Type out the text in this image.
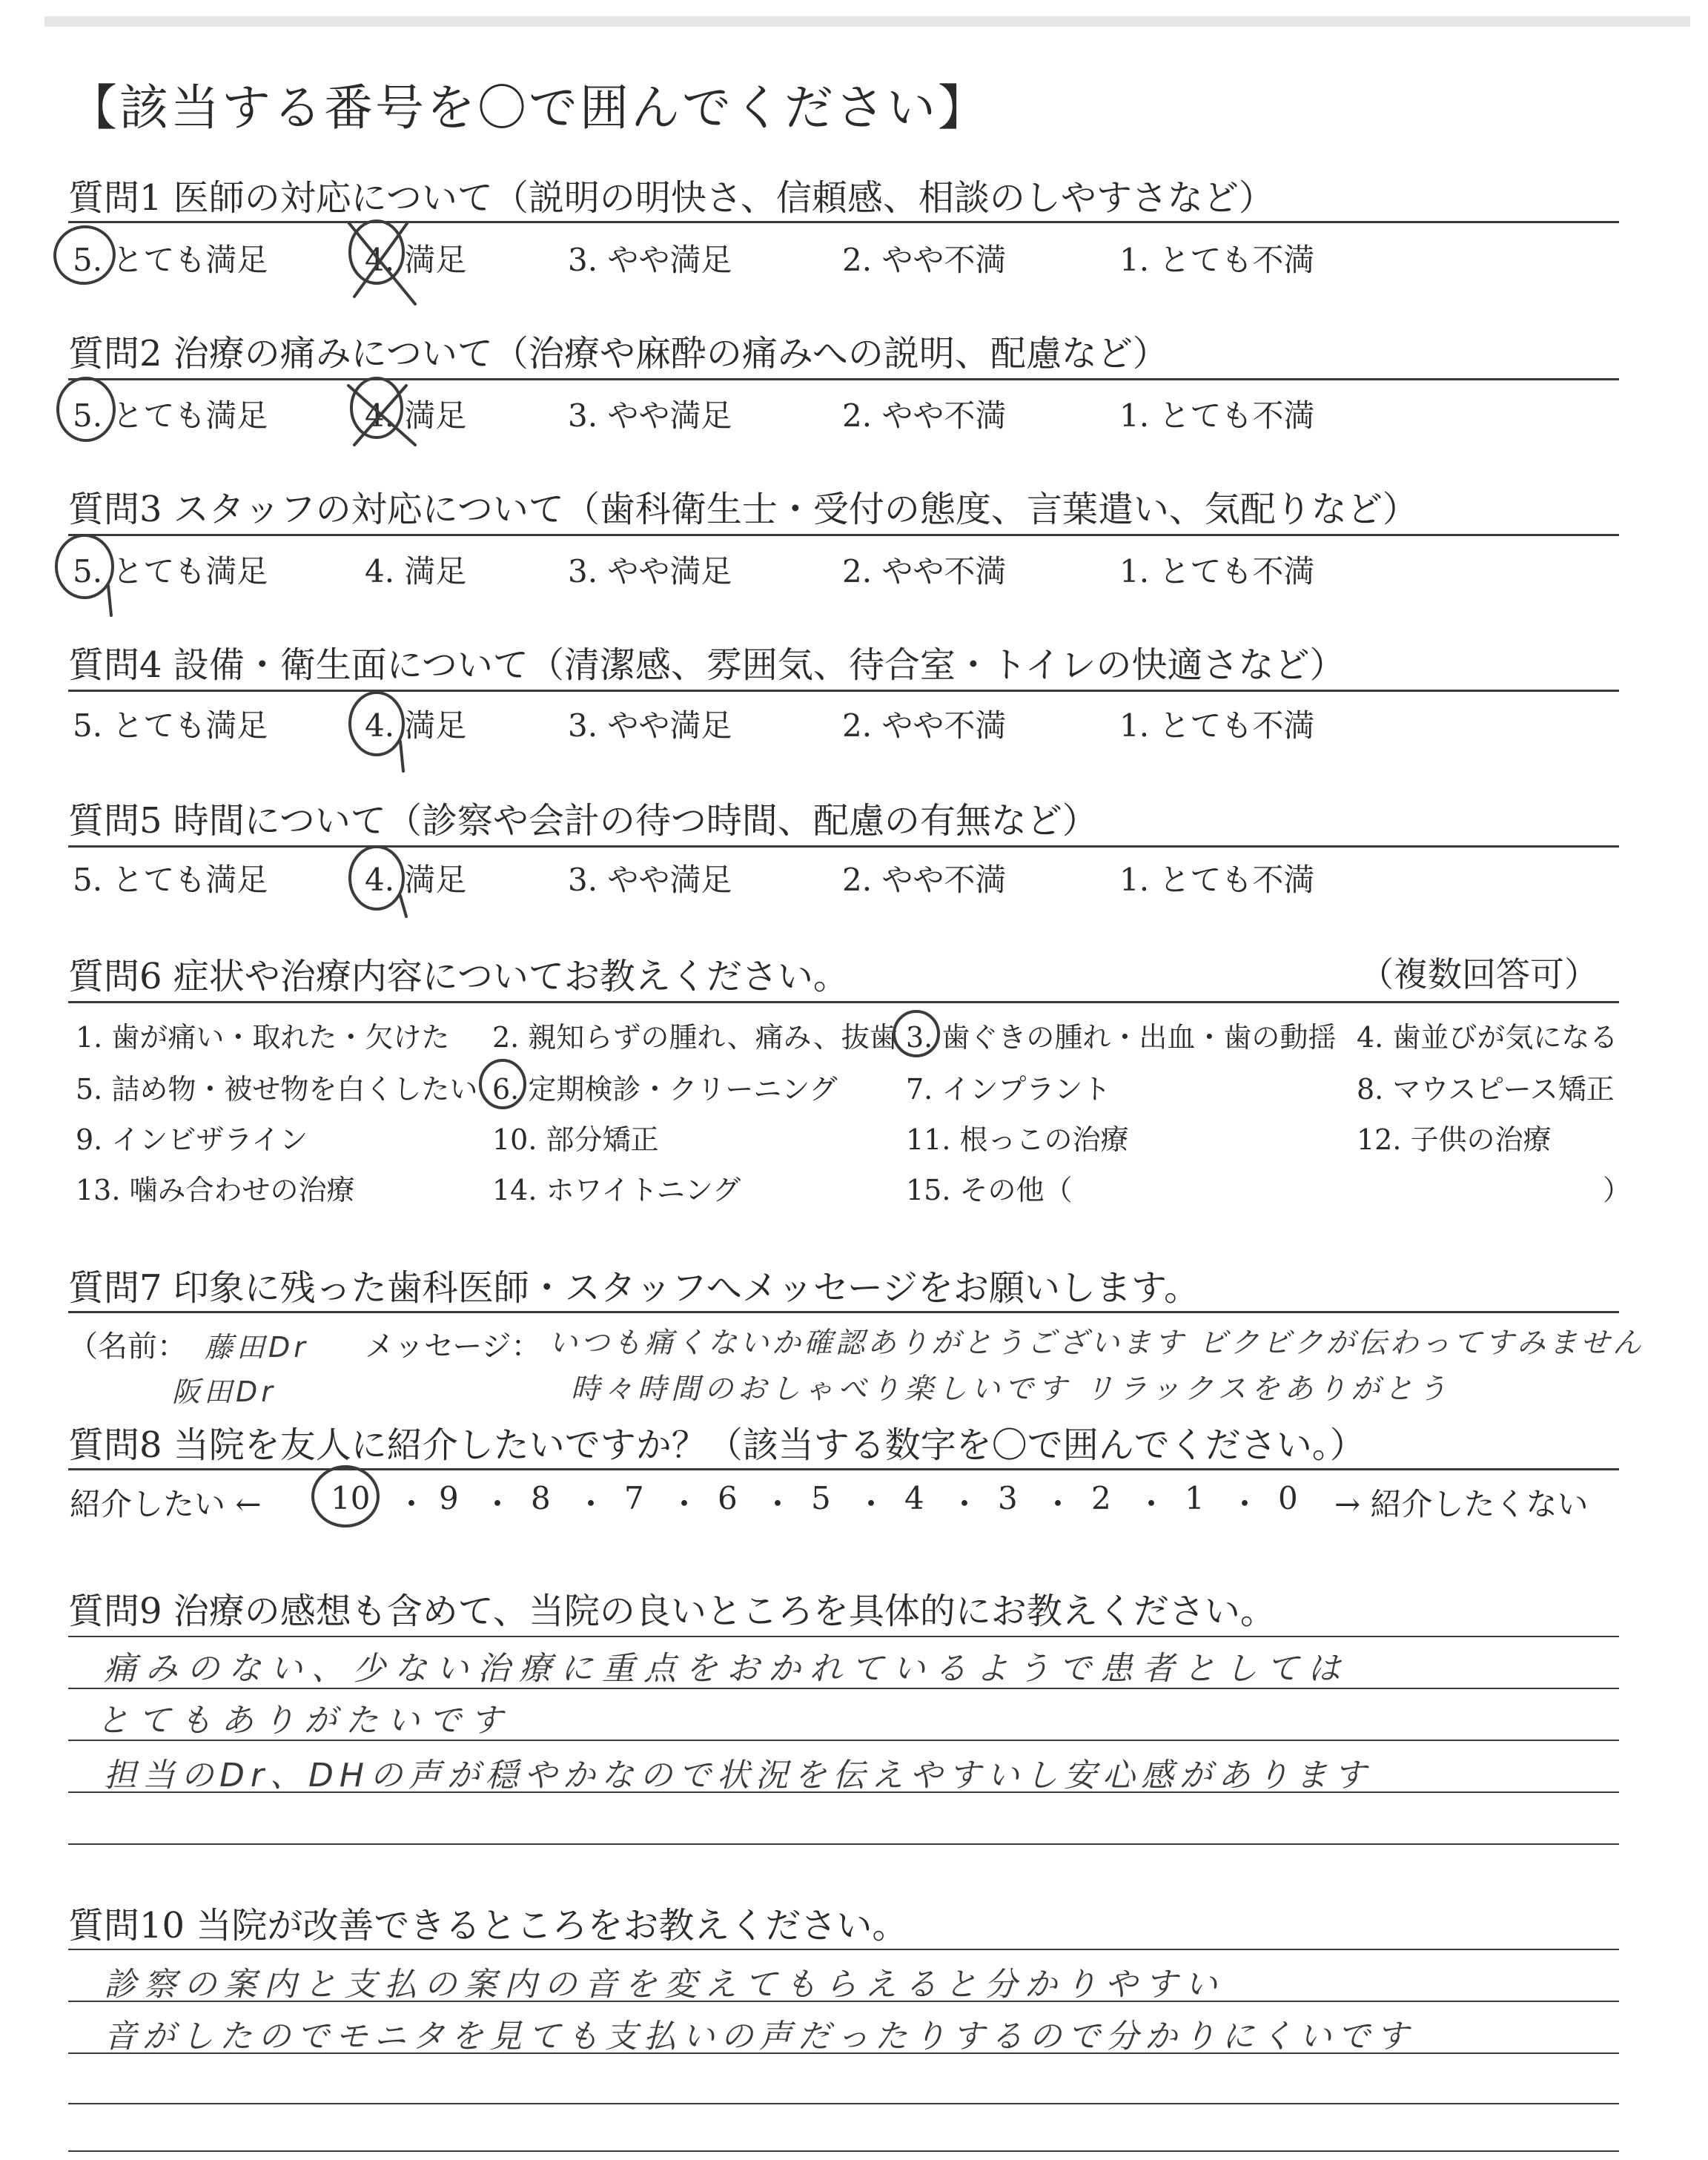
【該当する番号を〇で囲んでください】
質問1 医師の対応について（説明の明快さ、信頼感、相談のしやすさなど）
5. とても満足	4. 満足	3. やや満足	2. やや不満	1. とても不満
質問2 治療の痛みについて（治療や麻酔の痛みへの説明、配慮など）
5. とても満足	4. 満足	3. やや満足	2. やや不満	1. とても不満
質問3 スタッフの対応について（歯科衛生士・受付の態度、言葉遣い、気配りなど）
5. とても満足	4. 満足	3. やや満足	2. やや不満	1. とても不満
質問4 設備・衛生面について（清潔感、雰囲気、待合室・トイレの快適さなど）
5. とても満足	4. 満足	3. やや満足	2. やや不満	1. とても不満
質問5 時間について（診察や会計の待つ時間、配慮の有無など）
5. とても満足	4. 満足	3. やや満足	2. やや不満	1. とても不満
質問6 症状や治療内容についてお教えください。	（複数回答可）
1. 歯が痛い・取れた・欠けた 2. 親知らずの腫れ、痛み、抜歯 3. 歯ぐきの腫れ・出血・歯の動揺 4. 歯並びが気になる
5. 詰め物・被せ物を白くしたい 6. 定期検診・クリーニング 7. インプラント	8. マウスピース矯正
9. インビザライン	10. 部分矯正	11. 根っこの治療	12. 子供の治療
13. 噛み合わせの治療	14. ホワイトニング	15. その他（	）
質問7 印象に残った歯科医師・スタッフへメッセージをお願いします。
（名前：	メッセージ：
藤田Dr
阪田Dr
いつも痛くないか確認ありがとうございます ビクビクが伝わってすみません
時々時間のおしゃべり楽しいです リラックスをありがとう
質問8 当院を友人に紹介したいですか？（該当する数字を〇で囲んでください。）
紹介したい ← 10 ・ 9 ・ 8 ・ 7 ・ 6 ・ 5 ・ 4 ・ 3 ・ 2 ・ 1 ・ 0 → 紹介したくない
質問9 治療の感想も含めて、当院の良いところを具体的にお教えください。
痛みのない、少ない治療に重点をおかれているようで患者としては
とてもありがたいです
担当のDr、DHの声が穏やかなので状況を伝えやすいし安心感があります
質問10 当院が改善できるところをお教えください。
診察の案内と支払の案内の音を変えてもらえると分かりやすい
音がしたのでモニタを見ても支払いの声だったりするので分かりにくいです
